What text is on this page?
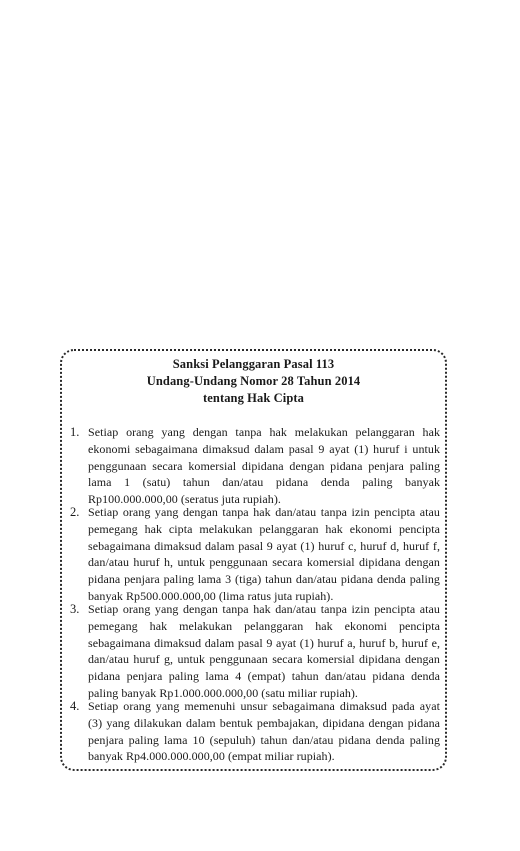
Sanksi Pelanggaran Pasal 113
Undang-Undang Nomor 28 Tahun 2014
tentang Hak Cipta
1. Setiap orang yang dengan tanpa hak melakukan pelanggaran hak ekonomi sebagaimana dimaksud dalam pasal 9 ayat (1) huruf i untuk penggunaan secara komersial dipidana dengan pidana penjara paling lama 1 (satu) tahun dan/atau pidana denda paling banyak Rp100.000.000,00 (seratus juta rupiah).
2. Setiap orang yang dengan tanpa hak dan/atau tanpa izin pencipta atau pemegang hak cipta melakukan pelanggaran hak ekonomi pencipta sebagaimana dimaksud dalam pasal 9 ayat (1) huruf c, huruf d, huruf f, dan/atau huruf h, untuk penggunaan secara komersial dipidana dengan pidana penjara paling lama 3 (tiga) tahun dan/atau pidana denda paling banyak Rp500.000.000,00 (lima ratus juta rupiah).
3. Setiap orang yang dengan tanpa hak dan/atau tanpa izin pencipta atau pemegang hak melakukan pelanggaran hak ekonomi pencipta sebagaimana dimaksud dalam pasal 9 ayat (1) huruf a, huruf b, huruf e, dan/atau huruf g, untuk penggunaan secara komersial dipidana dengan pidana penjara paling lama 4 (empat) tahun dan/atau pidana denda paling banyak Rp1.000.000.000,00 (satu miliar rupiah).
4. Setiap orang yang memenuhi unsur sebagaimana dimaksud pada ayat (3) yang dilakukan dalam bentuk pembajakan, dipidana dengan pidana penjara paling lama 10 (sepuluh) tahun dan/atau pidana denda paling banyak Rp4.000.000.000,00 (empat miliar rupiah).
